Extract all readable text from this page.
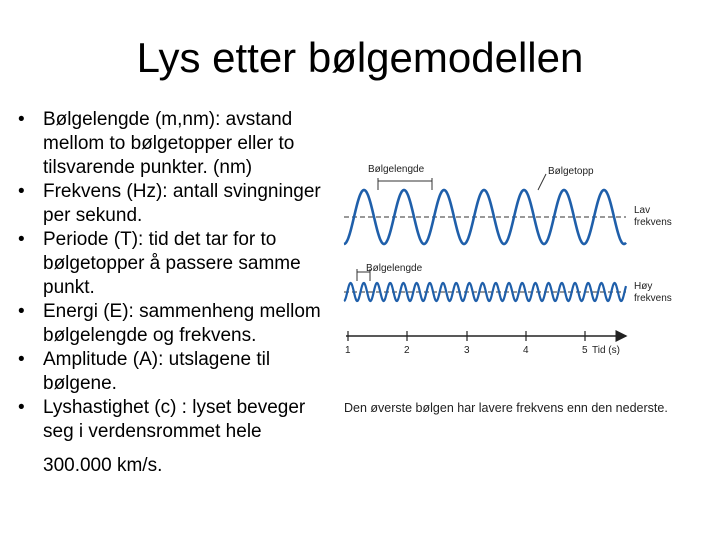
Lys etter bølgemodellen
• Bølgelengde (m,nm): avstand mellom to bølgetopper eller to tilsvarende punkter. (nm)
• Frekvens (Hz): antall svingninger per sekund.
• Periode (T): tid det tar for to bølgetopper å passere samme punkt.
• Energi (E): sammenheng mellom bølgelengde og frekvens.
• Amplitude (A): utslagene til bølgene.
• Lyshastighet (c) : lyset beveger seg i verdensrommet hele
300.000 km/s.
Bølgelengde	Bølgetopp
Lav
frekvens
Bølgelengde
Høy
frekvens
1	2	3	4	5 Tid (s)
Den øverste bølgen har lavere frekvens enn den nederste.
